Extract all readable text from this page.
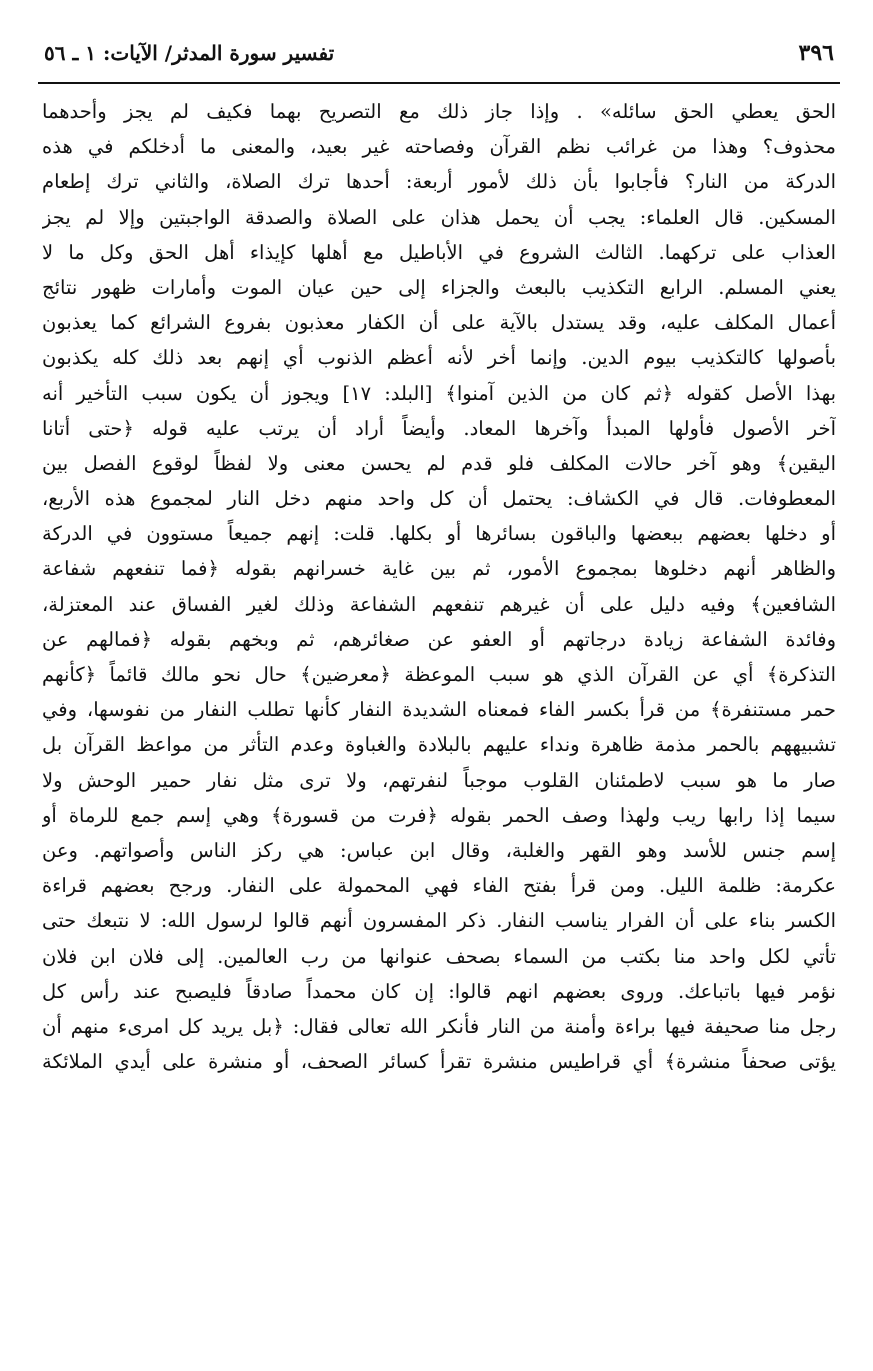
٣٩٦
تفسير سورة المدثر/ الآيات: ١ ـ ٥٦
الحق يعطي الحق سائله» . وإذا جاز ذلك مع التصريح بهما فكيف لم يجز وأحدهما
محذوف؟ وهذا من غرائب نظم القرآن وفصاحته غير بعيد، والمعنى ما أدخلكم في هذه
الدركة من النار؟ فأجابوا بأن ذلك لأمور أربعة: أحدها ترك الصلاة، والثاني ترك إطعام
المسكين. قال العلماء: يجب أن يحمل هذان على الصلاة والصدقة الواجبتين وإلا لم يجز
العذاب على تركهما. الثالث الشروع في الأباطيل مع أهلها كإيذاء أهل الحق وكل ما لا
يعني المسلم. الرابع التكذيب بالبعث والجزاء إلى حين عيان الموت وأمارات ظهور نتائج
أعمال المكلف عليه، وقد يستدل بالآية على أن الكفار معذبون بفروع الشرائع كما يعذبون
بأصولها كالتكذيب بيوم الدين. وإنما أخر لأنه أعظم الذنوب أي إنهم بعد ذلك كله يكذبون
بهذا الأصل كقوله ﴿ثم كان من الذين آمنوا﴾ [البلد: ١٧] ويجوز أن يكون سبب التأخير أنه
آخر الأصول فأولها المبدأ وآخرها المعاد. وأيضاً أراد أن يرتب عليه قوله ﴿حتى أتانا
اليقين﴾ وهو آخر حالات المكلف فلو قدم لم يحسن معنى ولا لفظاً لوقوع الفصل بين
المعطوفات. قال في الكشاف: يحتمل أن كل واحد منهم دخل النار لمجموع هذه الأربع،
أو دخلها بعضهم ببعضها والباقون بسائرها أو بكلها. قلت: إنهم جميعاً مستوون في الدركة
والظاهر أنهم دخلوها بمجموع الأمور، ثم بين غاية خسرانهم بقوله ﴿فما تنفعهم شفاعة
الشافعين﴾ وفيه دليل على أن غيرهم تنفعهم الشفاعة وذلك لغير الفساق عند المعتزلة،
وفائدة الشفاعة زيادة درجاتهم أو العفو عن صغائرهم، ثم وبخهم بقوله ﴿فمالهم عن
التذكرة﴾ أي عن القرآن الذي هو سبب الموعظة ﴿معرضين﴾ حال نحو مالك قائماً ﴿كأنهم
حمر مستنفرة﴾ من قرأ بكسر الفاء فمعناه الشديدة النفار كأنها تطلب النفار من نفوسها، وفي
تشبيههم بالحمر مذمة ظاهرة ونداء عليهم بالبلادة والغباوة وعدم التأثر من مواعظ القرآن بل
صار ما هو سبب لاطمئنان القلوب موجباً لنفرتهم، ولا ترى مثل نفار حمير الوحش ولا
سيما إذا رابها ريب ولهذا وصف الحمر بقوله ﴿فرت من قسورة﴾ وهي إسم جمع للرماة أو
إسم جنس للأسد وهو القهر والغلبة، وقال ابن عباس: هي ركز الناس وأصواتهم. وعن
عكرمة: ظلمة الليل. ومن قرأ بفتح الفاء فهي المحمولة على النفار. ورجح بعضهم قراءة
الكسر بناء على أن الفرار يناسب النفار. ذكر المفسرون أنهم قالوا لرسول الله: لا نتبعك حتى
تأتي لكل واحد منا بكتب من السماء بصحف عنوانها من رب العالمين. إلى فلان ابن فلان
نؤمر فيها باتباعك. وروى بعضهم انهم قالوا: إن كان محمداً صادقاً فليصبح عند رأس كل
رجل منا صحيفة فيها براءة وأمنة من النار فأنكر الله تعالى فقال: ﴿بل يريد كل امرىء منهم أن
يؤتى صحفاً منشرة﴾ أي قراطيس منشرة تقرأ كسائر الصحف، أو منشرة على أيدي الملائكة
